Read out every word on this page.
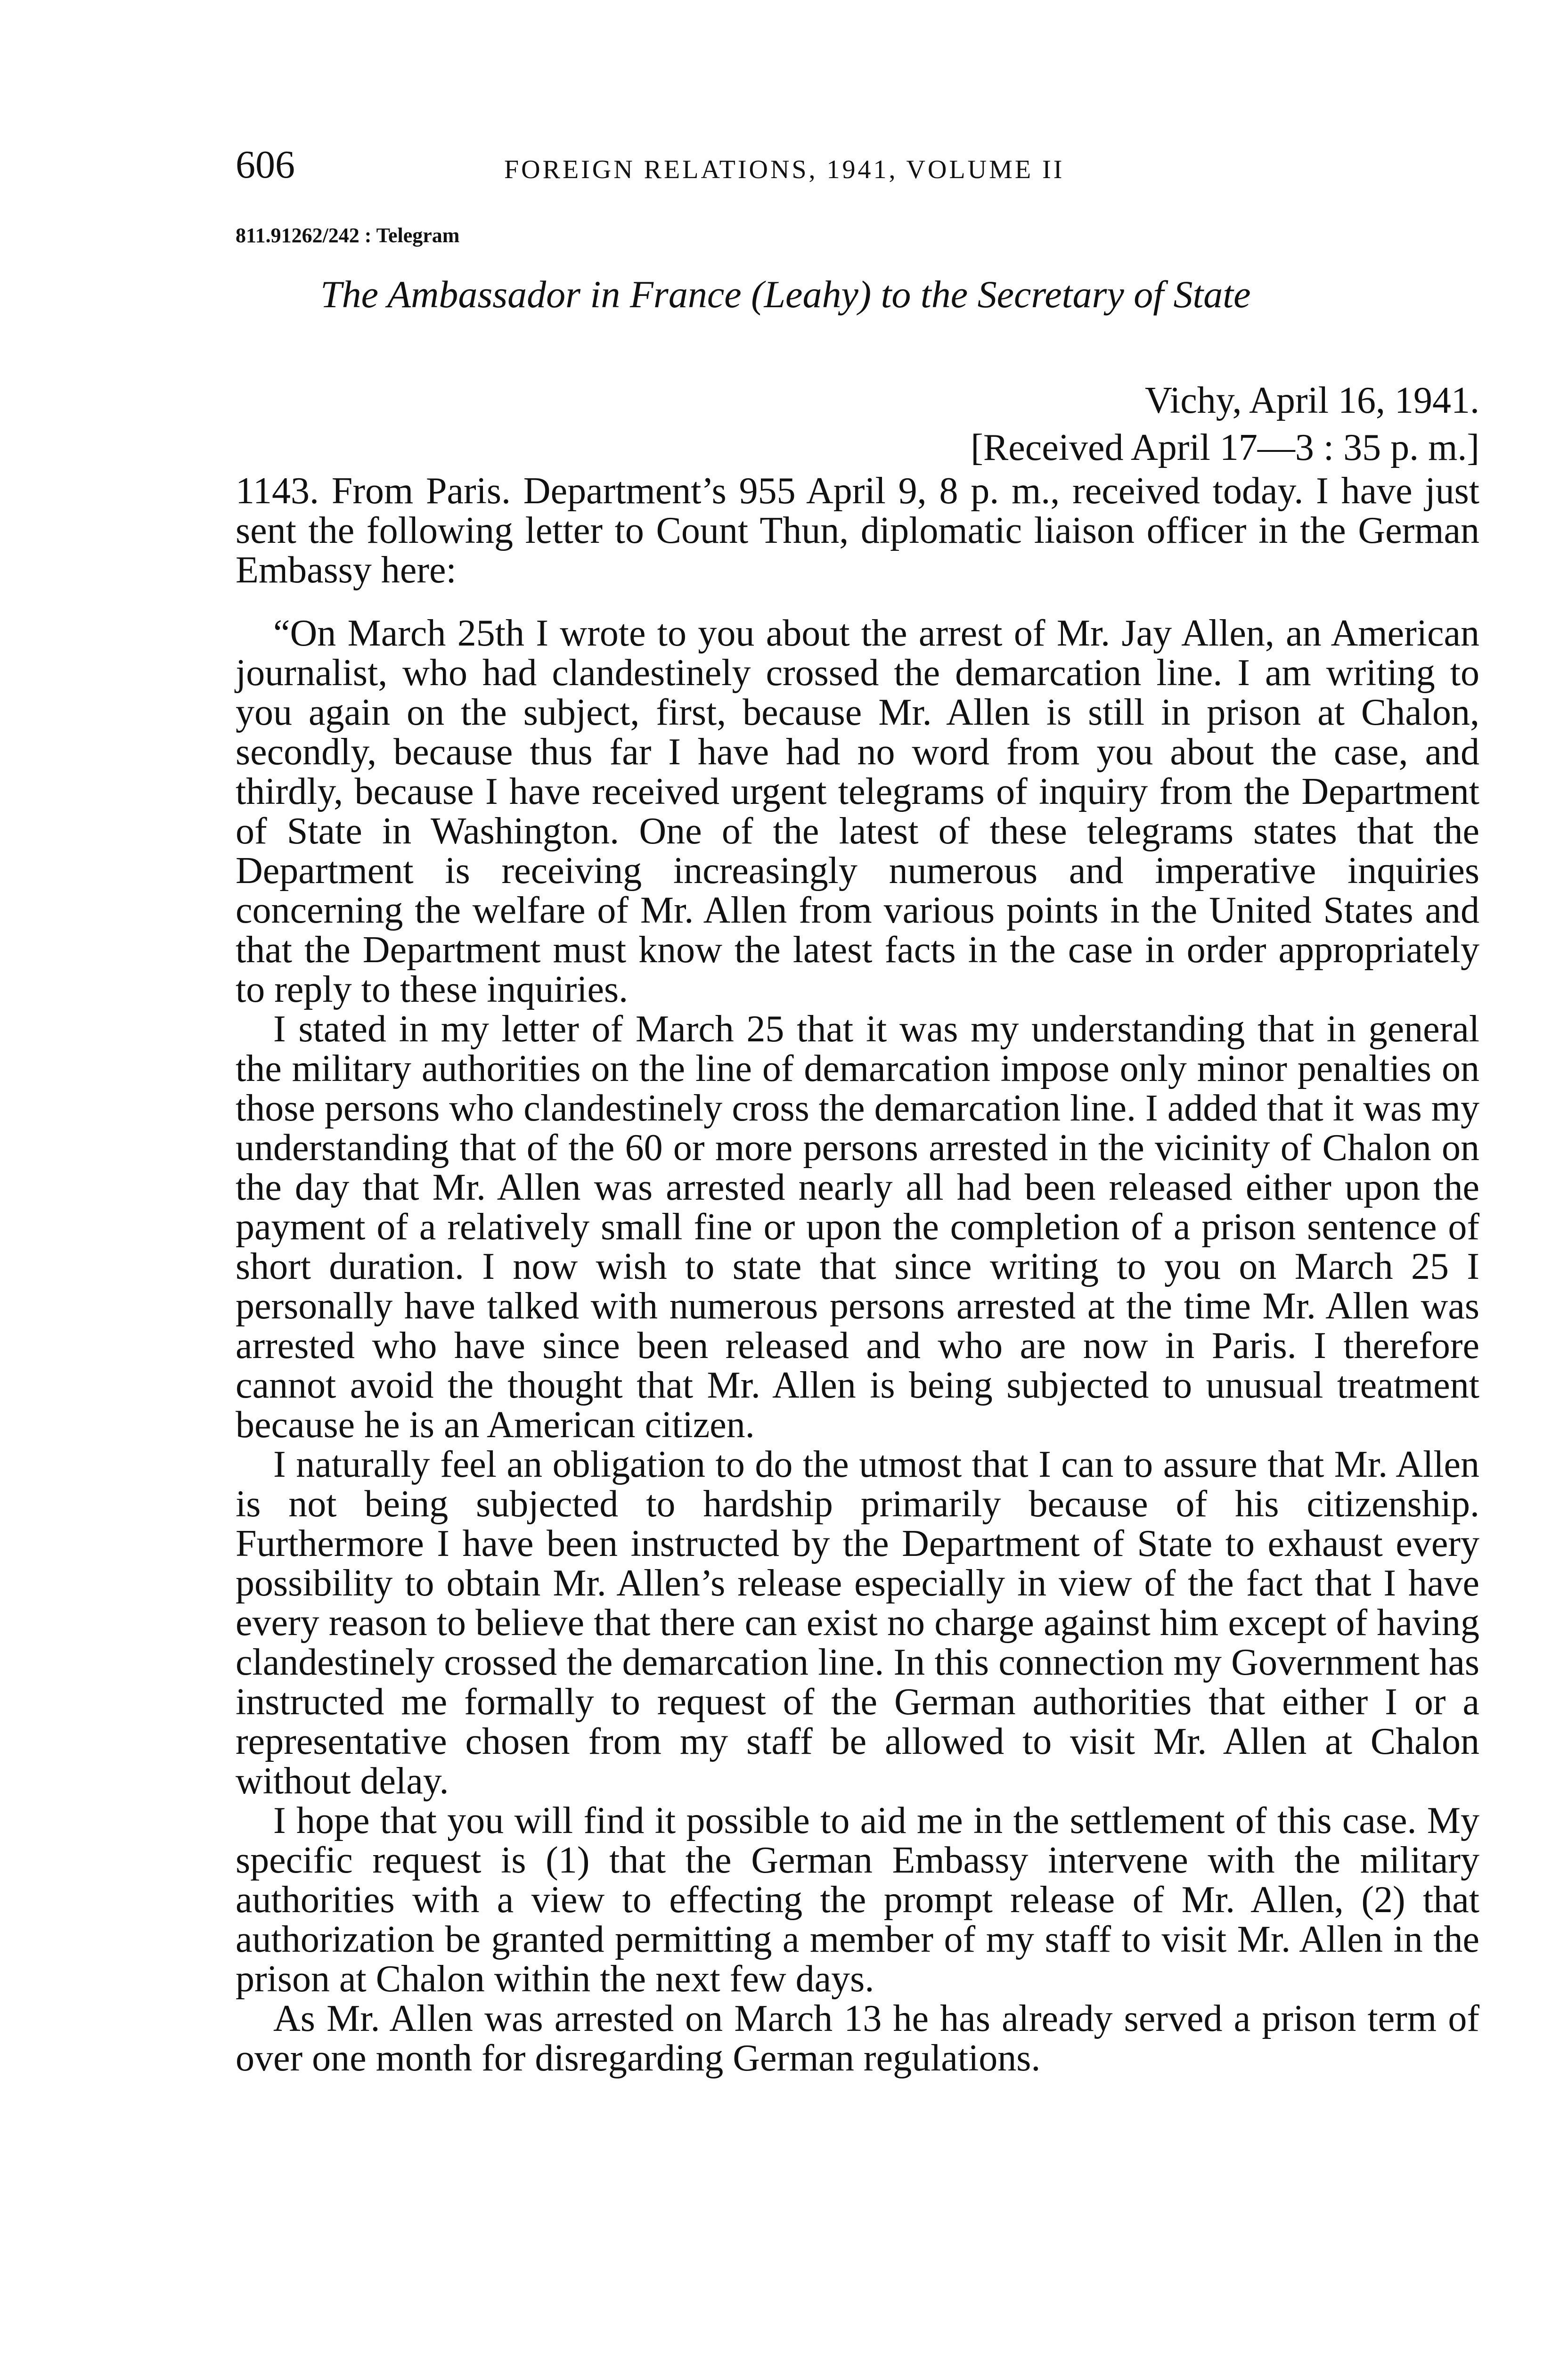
606	FOREIGN RELATIONS, 1941, VOLUME II
811.91262/242 : Telegram
The Ambassador in France (Leahy) to the Secretary of State
Vichy, April 16, 1941.
[Received April 17—3 : 35 p. m.]

1143. From Paris. Department’s 955 April 9, 8 p. m., received today. I have just sent the following letter to Count Thun, diplomatic liaison officer in the German Embassy here:

“On March 25th I wrote to you about the arrest of Mr. Jay Allen, an American journalist, who had clandestinely crossed the demarcation line. I am writing to you again on the subject, first, because Mr. Allen is still in prison at Chalon, secondly, because thus far I have had no word from you about the case, and thirdly, because I have received urgent telegrams of inquiry from the Department of State in Washington. One of the latest of these telegrams states that the Department is receiving increasingly numerous and imperative inquiries concerning the welfare of Mr. Allen from various points in the United States and that the Department must know the latest facts in the case in order appropriately to reply to these inquiries.

I stated in my letter of March 25 that it was my understanding that in general the military authorities on the line of demarcation impose only minor penalties on those persons who clandestinely cross the demarcation line. I added that it was my understanding that of the 60 or more persons arrested in the vicinity of Chalon on the day that Mr. Allen was arrested nearly all had been released either upon the payment of a relatively small fine or upon the completion of a prison sentence of short duration. I now wish to state that since writing to you on March 25 I personally have talked with numerous persons arrested at the time Mr. Allen was arrested who have since been released and who are now in Paris. I therefore cannot avoid the thought that Mr. Allen is being subjected to unusual treatment because he is an American citizen.

I naturally feel an obligation to do the utmost that I can to assure that Mr. Allen is not being subjected to hardship primarily because of his citizenship. Furthermore I have been instructed by the Department of State to exhaust every possibility to obtain Mr. Allen’s release especially in view of the fact that I have every reason to believe that there can exist no charge against him except of having clandestinely crossed the demarcation line. In this connection my Government has instructed me formally to request of the German authorities that either I or a representative chosen from my staff be allowed to visit Mr. Allen at Chalon without delay.

I hope that you will find it possible to aid me in the settlement of this case. My specific request is (1) that the German Embassy intervene with the military authorities with a view to effecting the prompt release of Mr. Allen, (2) that authorization be granted permitting a member of my staff to visit Mr. Allen in the prison at Chalon within the next few days.

As Mr. Allen was arrested on March 13 he has already served a prison term of over one month for disregarding German regulations.
